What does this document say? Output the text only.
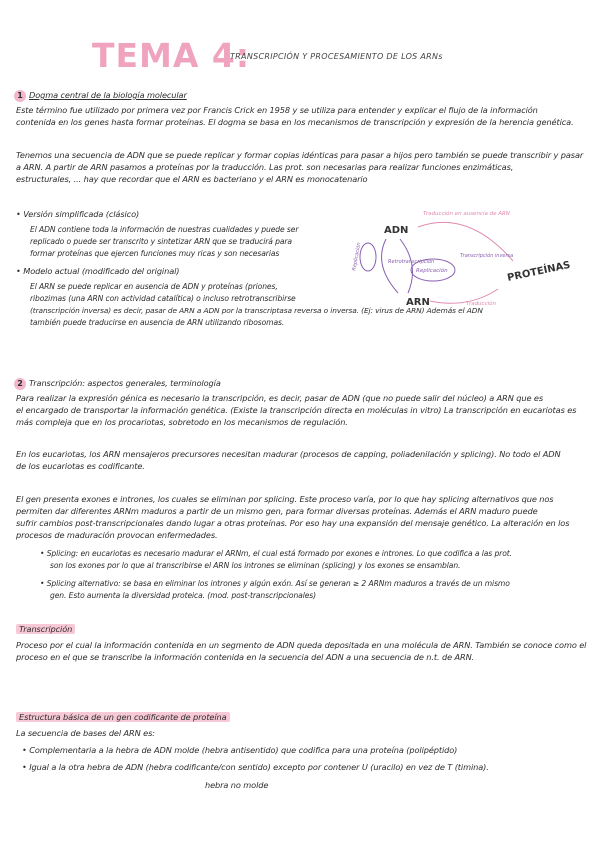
TEMA 4:
TRANSCRIPCIÓN Y PROCESAMIENTO DE LOS ARNs
1 Dogma central de la biología molecular
Este término fue utilizado por primera vez por Francis Crick en 1958 y se utiliza para entender y explicar el flujo de la información
contenida en los genes hasta formar proteínas. El dogma se basa en los mecanismos de transcripción y expresión de la herencia genética.
Tenemos una secuencia de ADN que se puede replicar y formar copias idénticas para pasar a hijos pero también se puede transcribir y pasar
a ARN. A partir de ARN pasamos a proteínas por la traducción. Las prot. son necesarias para realizar funciones enzimáticas,
estructurales, ... hay que recordar que el ARN es bacteriano y el ARN es monocatenario
• Versión simplificada (clásico)
El ADN contiene toda la información de nuestras cualidades y puede ser
replicado o puede ser transcrito y sintetizar ARN que se traducirá para
formar proteínas que ejercen funciones muy ricas y son necesarias
• Modelo actual (modificado del original)
El ARN se puede replicar en ausencia de ADN y proteínas (priones,
ribozimas (una ARN con actividad catalítica) o incluso retrotranscribirse
(transcripción inversa) es decir, pasar de ARN a ADN por la transcriptasa reversa o inversa. (Ej: virus de ARN) Además el ADN
también puede traducirse en ausencia de ARN utilizando ribosomas.
ADN
ARN
PROTEÍNAS
Replicación	Replicación
Retrotranscripción
Transcripción inversa
Traducción
Traducción en ausencia de ARN
2 Transcripción: aspectos generales, terminología
Para realizar la expresión génica es necesario la transcripción, es decir, pasar de ADN (que no puede salir del núcleo) a ARN que es
el encargado de transportar la información genética. (Existe la transcripción directa en moléculas in vitro) La transcripción en eucariotas es
más compleja que en los procariotas, sobretodo en los mecanismos de regulación.
En los eucariotas, los ARN mensajeros precursores necesitan madurar (procesos de capping, poliadenilación y splicing). No todo el ADN
de los eucariotas es codificante.
El gen presenta exones e intrones, los cuales se eliminan por splicing. Este proceso varía, por lo que hay splicing alternativos que nos
permiten dar diferentes ARNm maduros a partir de un mismo gen, para formar diversas proteínas. Además el ARN maduro puede
sufrir cambios post-transcripcionales dando lugar a otras proteínas. Por eso hay una expansión del mensaje genético. La alteración en los
procesos de maduración provocan enfermedades.
• Splicing: en eucariotas es necesario madurar el ARNm, el cual está formado por exones e intrones. Lo que codifica a las prot.
son los exones por lo que al transcribirse el ARN los intrones se eliminan (splicing) y los exones se ensamblan.
• Splicing alternativo: se basa en eliminar los intrones y algún exón. Así se generan ≥ 2 ARNm maduros a través de un mismo
gen. Esto aumenta la diversidad proteica. (mod. post-transcripcionales)
Transcripción
Proceso por el cual la información contenida en un segmento de ADN queda depositada en una molécula de ARN. También se conoce como el
proceso en el que se transcribe la información contenida en la secuencia del ADN a una secuencia de n.t. de ARN.
Estructura básica de un gen codificante de proteína
La secuencia de bases del ARN es:
• Complementaria a la hebra de ADN molde (hebra antisentido) que codifica para una proteína (polipéptido)
• Igual a la otra hebra de ADN (hebra codificante/con sentido) excepto por contener U (uracilo) en vez de T (timina).
hebra no molde
